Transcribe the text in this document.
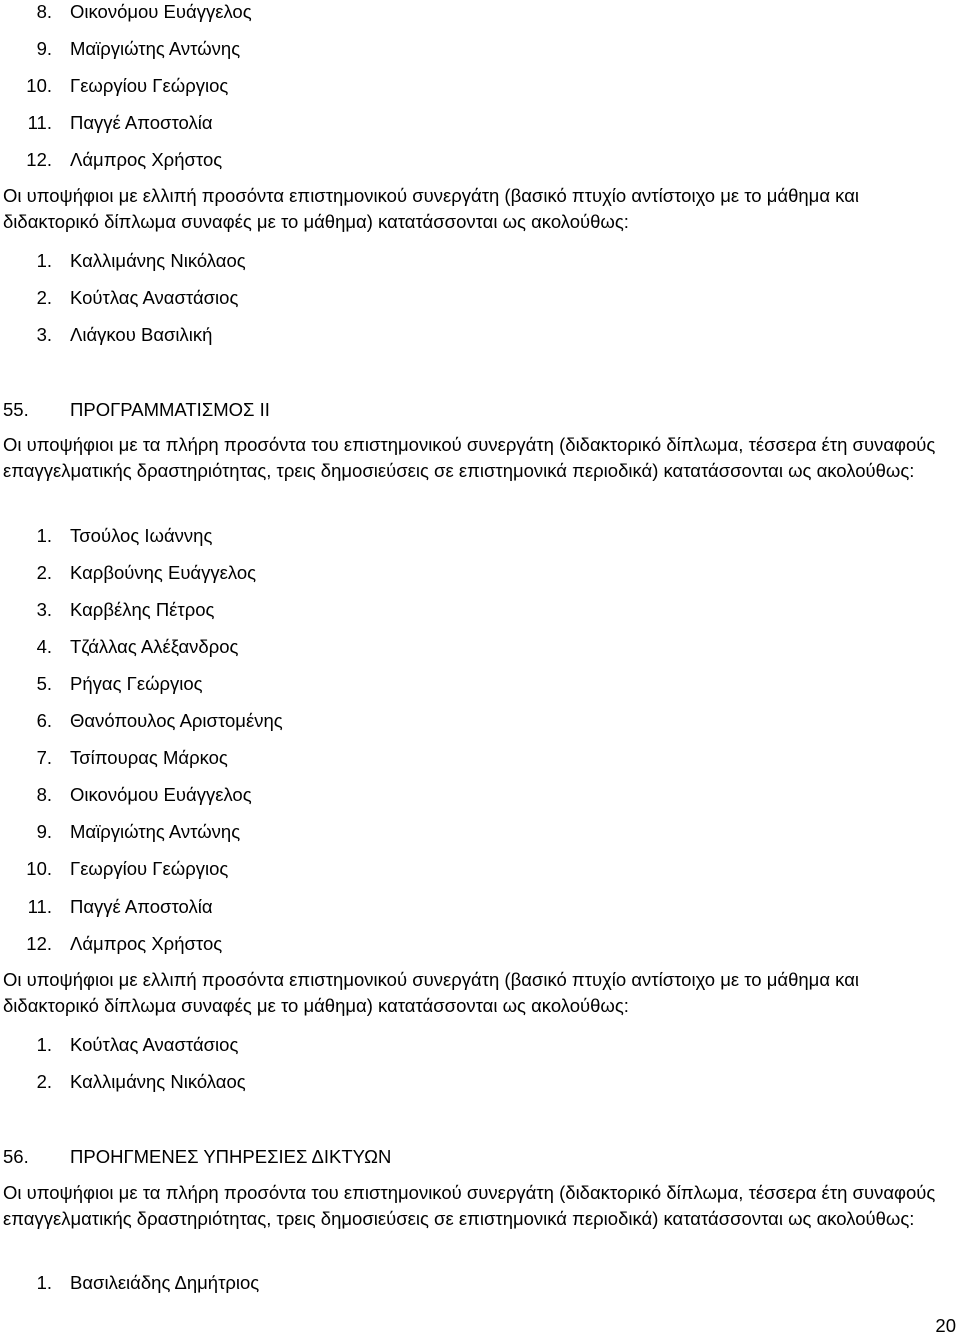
8. Οικονόμου Ευάγγελος
9. Μαϊργιώτης Αντώνης
10. Γεωργίου Γεώργιος
11. Παγγέ Αποστολία
12. Λάμπρος Χρήστος
Οι υποψήφιοι με ελλιπή προσόντα επιστημονικού συνεργάτη (βασικό πτυχίο αντίστοιχο με το μάθημα και διδακτορικό δίπλωμα συναφές με το μάθημα) κατατάσσονται ως ακολούθως:
1. Καλλιμάνης Νικόλαος
2. Κούτλας Αναστάσιος
3. Λιάγκου Βασιλική
55. ΠΡΟΓΡΑΜΜΑΤΙΣΜΟΣ ΙΙ
Οι υποψήφιοι με τα πλήρη προσόντα του επιστημονικού συνεργάτη (διδακτορικό δίπλωμα, τέσσερα έτη συναφούς επαγγελματικής δραστηριότητας, τρεις δημοσιεύσεις σε επιστημονικά περιοδικά) κατατάσσονται ως ακολούθως:
1. Τσούλος Ιωάννης
2. Καρβούνης Ευάγγελος
3. Καρβέλης Πέτρος
4. Τζάλλας Αλέξανδρος
5. Ρήγας Γεώργιος
6. Θανόπουλος Αριστομένης
7. Τσίπουρας Μάρκος
8. Οικονόμου Ευάγγελος
9. Μαϊργιώτης Αντώνης
10. Γεωργίου Γεώργιος
11. Παγγέ Αποστολία
12. Λάμπρος Χρήστος
Οι υποψήφιοι με ελλιπή προσόντα επιστημονικού συνεργάτη (βασικό πτυχίο αντίστοιχο με το μάθημα και διδακτορικό δίπλωμα συναφές με το μάθημα) κατατάσσονται ως ακολούθως:
1. Κούτλας Αναστάσιος
2. Καλλιμάνης Νικόλαος
56. ΠΡΟΗΓΜΕΝΕΣ ΥΠΗΡΕΣΙΕΣ ΔΙΚΤΥΩΝ
Οι υποψήφιοι με τα πλήρη προσόντα του επιστημονικού συνεργάτη (διδακτορικό δίπλωμα, τέσσερα έτη συναφούς επαγγελματικής δραστηριότητας, τρεις δημοσιεύσεις σε επιστημονικά περιοδικά) κατατάσσονται ως ακολούθως:
1. Βασιλειάδης Δημήτριος
20
